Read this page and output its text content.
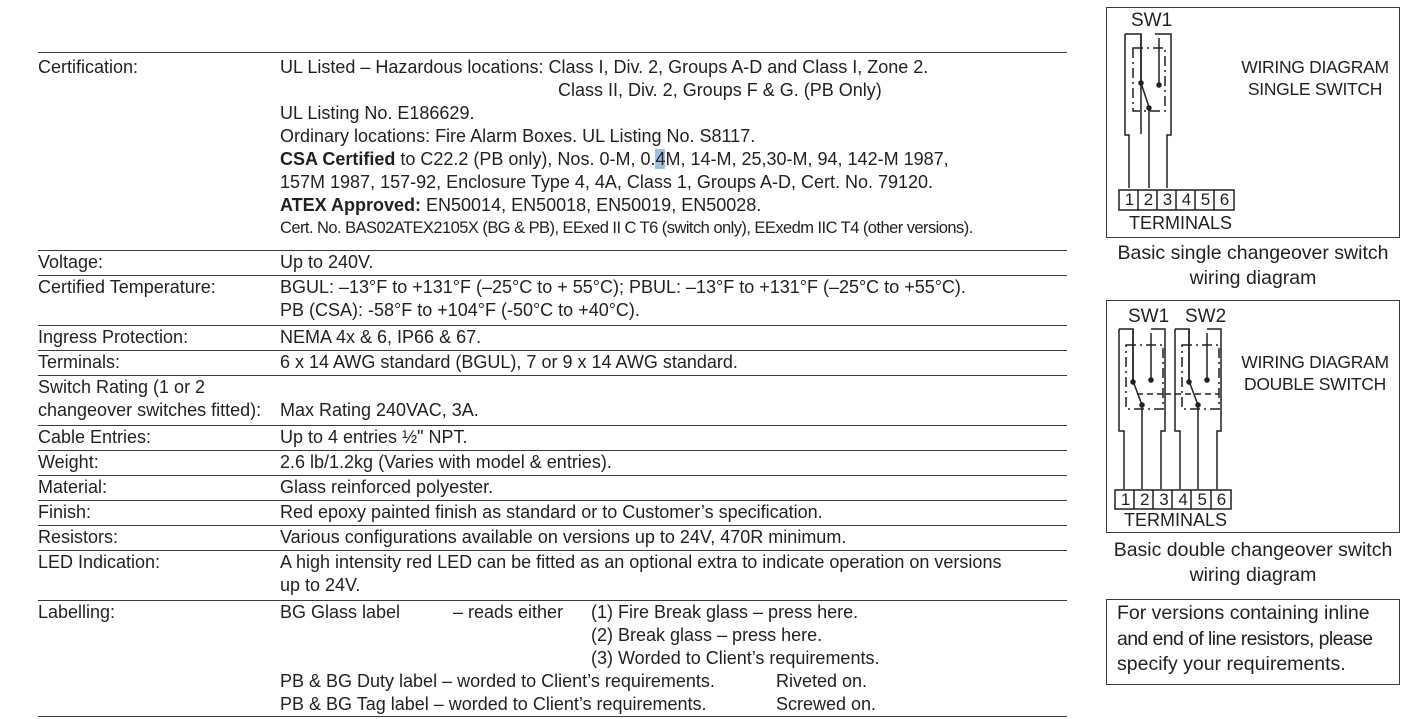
Certification:	UL Listed – Hazardous locations: Class I, Div. 2, Groups A-D and Class I, Zone 2.
Class II, Div. 2, Groups F & G. (PB Only)
UL Listing No. E186629.
Ordinary locations: Fire Alarm Boxes. UL Listing No. S8117.
CSA Certified to C22.2 (PB only), Nos. 0-M, 0.4M, 14-M, 25,30-M, 94, 142-M 1987,
157M 1987, 157-92, Enclosure Type 4, 4A, Class 1, Groups A-D, Cert. No. 79120.
ATEX Approved: EN50014, EN50018, EN50019, EN50028.
Cert. No. BAS02ATEX2105X (BG & PB), EExed II C T6 (switch only), EExedm IIC T4 (other versions).
Voltage:	Up to 240V.
Certified Temperature:	BGUL: –13°F to +131°F (–25°C to + 55°C); PBUL: –13°F to +131°F (–25°C to +55°C).
PB (CSA): -58°F to +104°F (-50°C to +40°C).
Ingress Protection:	NEMA 4x & 6, IP66 & 67.
Terminals:	6 x 14 AWG standard (BGUL), 7 or 9 x 14 AWG standard.
Switch Rating (1 or 2
changeover switches fitted): Max Rating 240VAC, 3A.
Cable Entries:	Up to 4 entries ½" NPT.
Weight:	2.6 lb/1.2kg (Varies with model & entries).
Material:	Glass reinforced polyester.
Finish:	Red epoxy painted finish as standard or to Customer’s specification.
Resistors:	Various configurations available on versions up to 24V, 470R minimum.
LED Indication:	A high intensity red LED can be fitted as an optional extra to indicate operation on versions
up to 24V.
Labelling:	BG Glass label	– reads either (1) Fire Break glass – press here.
(2) Break glass – press here.
(3) Worded to Client’s requirements.
PB & BG Duty label – worded to Client’s requirements.	Riveted on.
PB & BG Tag label – worded to Client’s requirements.	Screwed on.
SW1
1 2 3 4 5 6
TERMINALS
WIRING DIAGRAM
SINGLE SWITCH
Basic single changeover switch
wiring diagram
SW1 SW2
1 2 3 4 5 6
TERMINALS
WIRING DIAGRAM
DOUBLE SWITCH
Basic double changeover switch
wiring diagram
For versions containing inline
and end of line resistors, please
specify your requirements.
